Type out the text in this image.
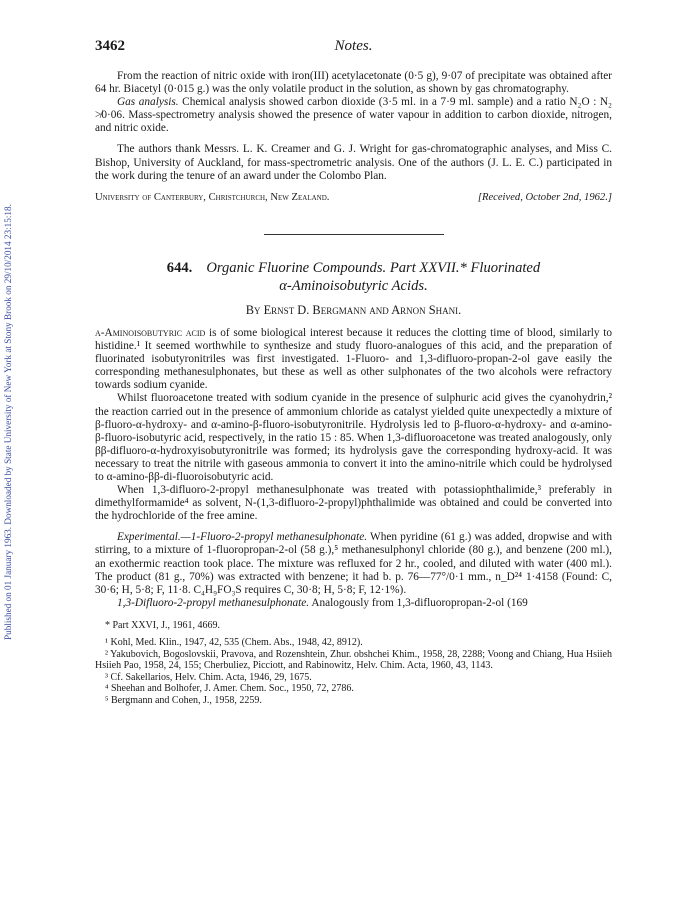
Published on 01 January 1963. Downloaded by State University of New York at Stony Brook on 29/10/2014 23:15:18.
3462	Notes.

From the reaction of nitric oxide with iron(III) acetylacetonate (0·5 g), 9·07 of precipitate was obtained after 64 hr. Biacetyl (0·015 g.) was the only volatile product in the solution, as shown by gas chromatography.

Gas analysis. Chemical analysis showed carbon dioxide (3·5 ml. in a 7·9 ml. sample) and a ratio N₂O : N₂ ≯0·06. Mass-spectrometry analysis showed the presence of water vapour in addition to carbon dioxide, nitrogen, and nitric oxide.

The authors thank Messrs. L. K. Creamer and G. J. Wright for gas-chromatographic analyses, and Miss C. Bishop, University of Auckland, for mass-spectrometric analysis. One of the authors (J. L. E. C.) participated in the work during the tenure of an award under the Colombo Plan.

University of Canterbury, Christchurch, New Zealand.	[Received, October 2nd, 1962.]
644. Organic Fluorine Compounds. Part XXVII.* Fluorinated
α-Aminoisobutyric Acids.
By Ernst D. Bergmann and Arnon Shani.

α-Aminoisobutyric acid is of some biological interest because it reduces the clotting time of blood, similarly to histidine.¹ It seemed worthwhile to synthesize and study fluoro-analogues of this acid, and the preparation of fluorinated isobutyronitriles was first investigated. 1-Fluoro- and 1,3-difluoro-propan-2-ol gave easily the corresponding methanesulphonates, but these as well as other sulphonates of the two alcohols were refractory towards sodium cyanide.

Whilst fluoroacetone treated with sodium cyanide in the presence of sulphuric acid gives the cyanohydrin,² the reaction carried out in the presence of ammonium chloride as catalyst yielded quite unexpectedly a mixture of β-fluoro-α-hydroxy- and α-amino-β-fluoro-isobutyronitrile. Hydrolysis led to β-fluoro-α-hydroxy- and α-amino-β-fluoro-isobutyric acid, respectively, in the ratio 15 : 85. When 1,3-difluoroacetone was treated analogously, only ββ-difluoro-α-hydroxyisobutyronitrile was formed; its hydrolysis gave the corresponding hydroxy-acid. It was necessary to treat the nitrile with gaseous ammonia to convert it into the amino-nitrile which could be hydrolysed to α-amino-ββ-di-fluoroisobutyric acid.

When 1,3-difluoro-2-propyl methanesulphonate was treated with potassiophthalimide,³ preferably in dimethylformamide⁴ as solvent, N-(1,3-difluoro-2-propyl)phthalimide was obtained and could be converted into the hydrochloride of the free amine.

Experimental.—1-Fluoro-2-propyl methanesulphonate. When pyridine (61 g.) was added, dropwise and with stirring, to a mixture of 1-fluoropropan-2-ol (58 g.),⁵ methanesulphonyl chloride (80 g.), and benzene (200 ml.), an exothermic reaction took place. The mixture was refluxed for 2 hr., cooled, and diluted with water (400 ml.). The product (81 g., 70%) was extracted with benzene; it had b. p. 76—77°/0·1 mm., n_D²⁴ 1·4158 (Found: C, 30·6; H, 5·8; F, 11·8. C₄H₉FO₃S requires C, 30·8; H, 5·8; F, 12·1%).

1,3-Difluoro-2-propyl methanesulphonate. Analogously from 1,3-difluoropropan-2-ol (169

* Part XXVI, J., 1961, 4669.

¹ Kohl, Med. Klin., 1947, 42, 535 (Chem. Abs., 1948, 42, 8912).

² Yakubovich, Bogoslovskii, Pravova, and Rozenshtein, Zhur. obshchei Khim., 1958, 28, 2288; Voong and Chiang, Hua Hsiieh Hsiieh Pao, 1958, 24, 155; Cherbuliez, Picciott, and Rabinowitz, Helv. Chim. Acta, 1960, 43, 1143.

³ Cf. Sakellarios, Helv. Chim. Acta, 1946, 29, 1675.

⁴ Sheehan and Bolhofer, J. Amer. Chem. Soc., 1950, 72, 2786.

⁵ Bergmann and Cohen, J., 1958, 2259.
